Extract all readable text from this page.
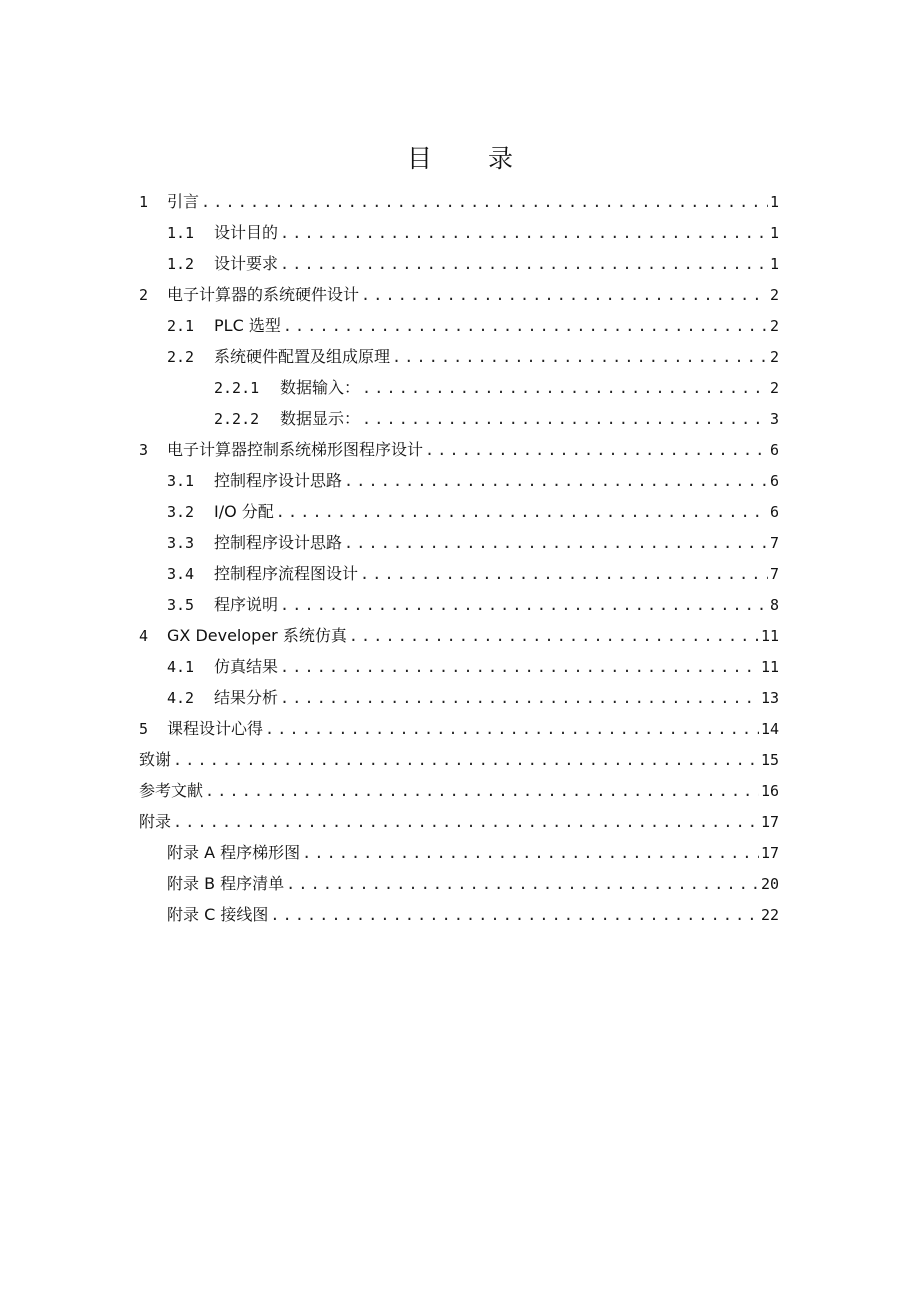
目 录
1	引言 .....	1
1.1	设计目的 .....	1
1.2	设计要求 .....	1
2	电子计算器的系统硬件设计 .....	2
2.1	PLC 选型 .....	2
2.2	系统硬件配置及组成原理 .....	2
2.2.1	数据输入： .....	2
2.2.2	数据显示： .....	3
3	电子计算器控制系统梯形图程序设计 .....	6
3.1	控制程序设计思路 .....	6
3.2	I/O 分配 .....	6
3.3	控制程序设计思路 .....	7
3.4	控制程序流程图设计 .....	7
3.5	程序说明 .....	8
4	GX Developer 系统仿真 .....	11
4.1	仿真结果 .....	11
4.2	结果分析 .....	13
5	课程设计心得 .....	14
致谢 .....	15
参考文献 .....	16
附录 .....	17
附录 A 程序梯形图 .....	17
附录 B 程序清单 .....	20
附录 C 接线图 .....	22
